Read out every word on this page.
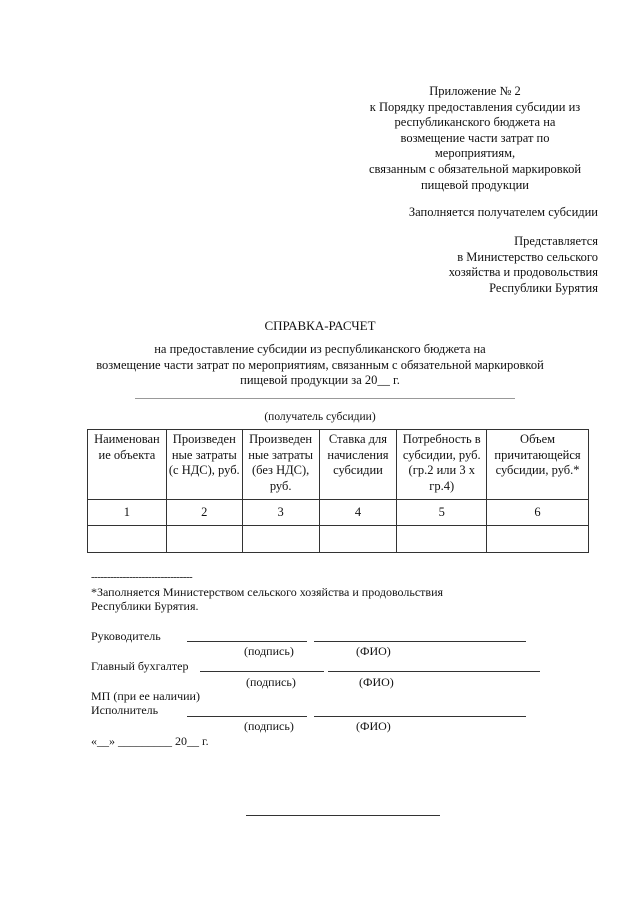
Приложение № 2
к Порядку предоставления субсидии из
республиканского бюджета на
возмещение части затрат по
мероприятиям,
связанным с обязательной маркировкой
пищевой продукции
Заполняется получателем субсидии
Представляется
в Министерство сельского
хозяйства и продовольствия
Республики Бурятия
СПРАВКА-РАСЧЕТ
на предоставление субсидии из республиканского бюджета на
возмещение части затрат по мероприятиям, связанным с обязательной маркировкой
пищевой продукции за 20__ г.
(получатель субсидии)
Наименован ие объекта	Произведен ные затраты (с НДС), руб.	Произведен ные затраты (без НДС), руб.	Ставка для начисления субсидии	Потребность в субсидии, руб. (гр.2 или 3 х гр.4)	Объем причитающейся субсидии, руб.*
1	2	3	4	5	6

--------------------------------
*Заполняется Министерством сельского хозяйства и продовольствия
Республики Бурятия.
Руководитель
(подпись)	(ФИО)
Главный бухгалтер
(подпись)	(ФИО)
МП (при ее наличии)
Исполнитель
(подпись)	(ФИО)
«__» _________ 20__ г.
